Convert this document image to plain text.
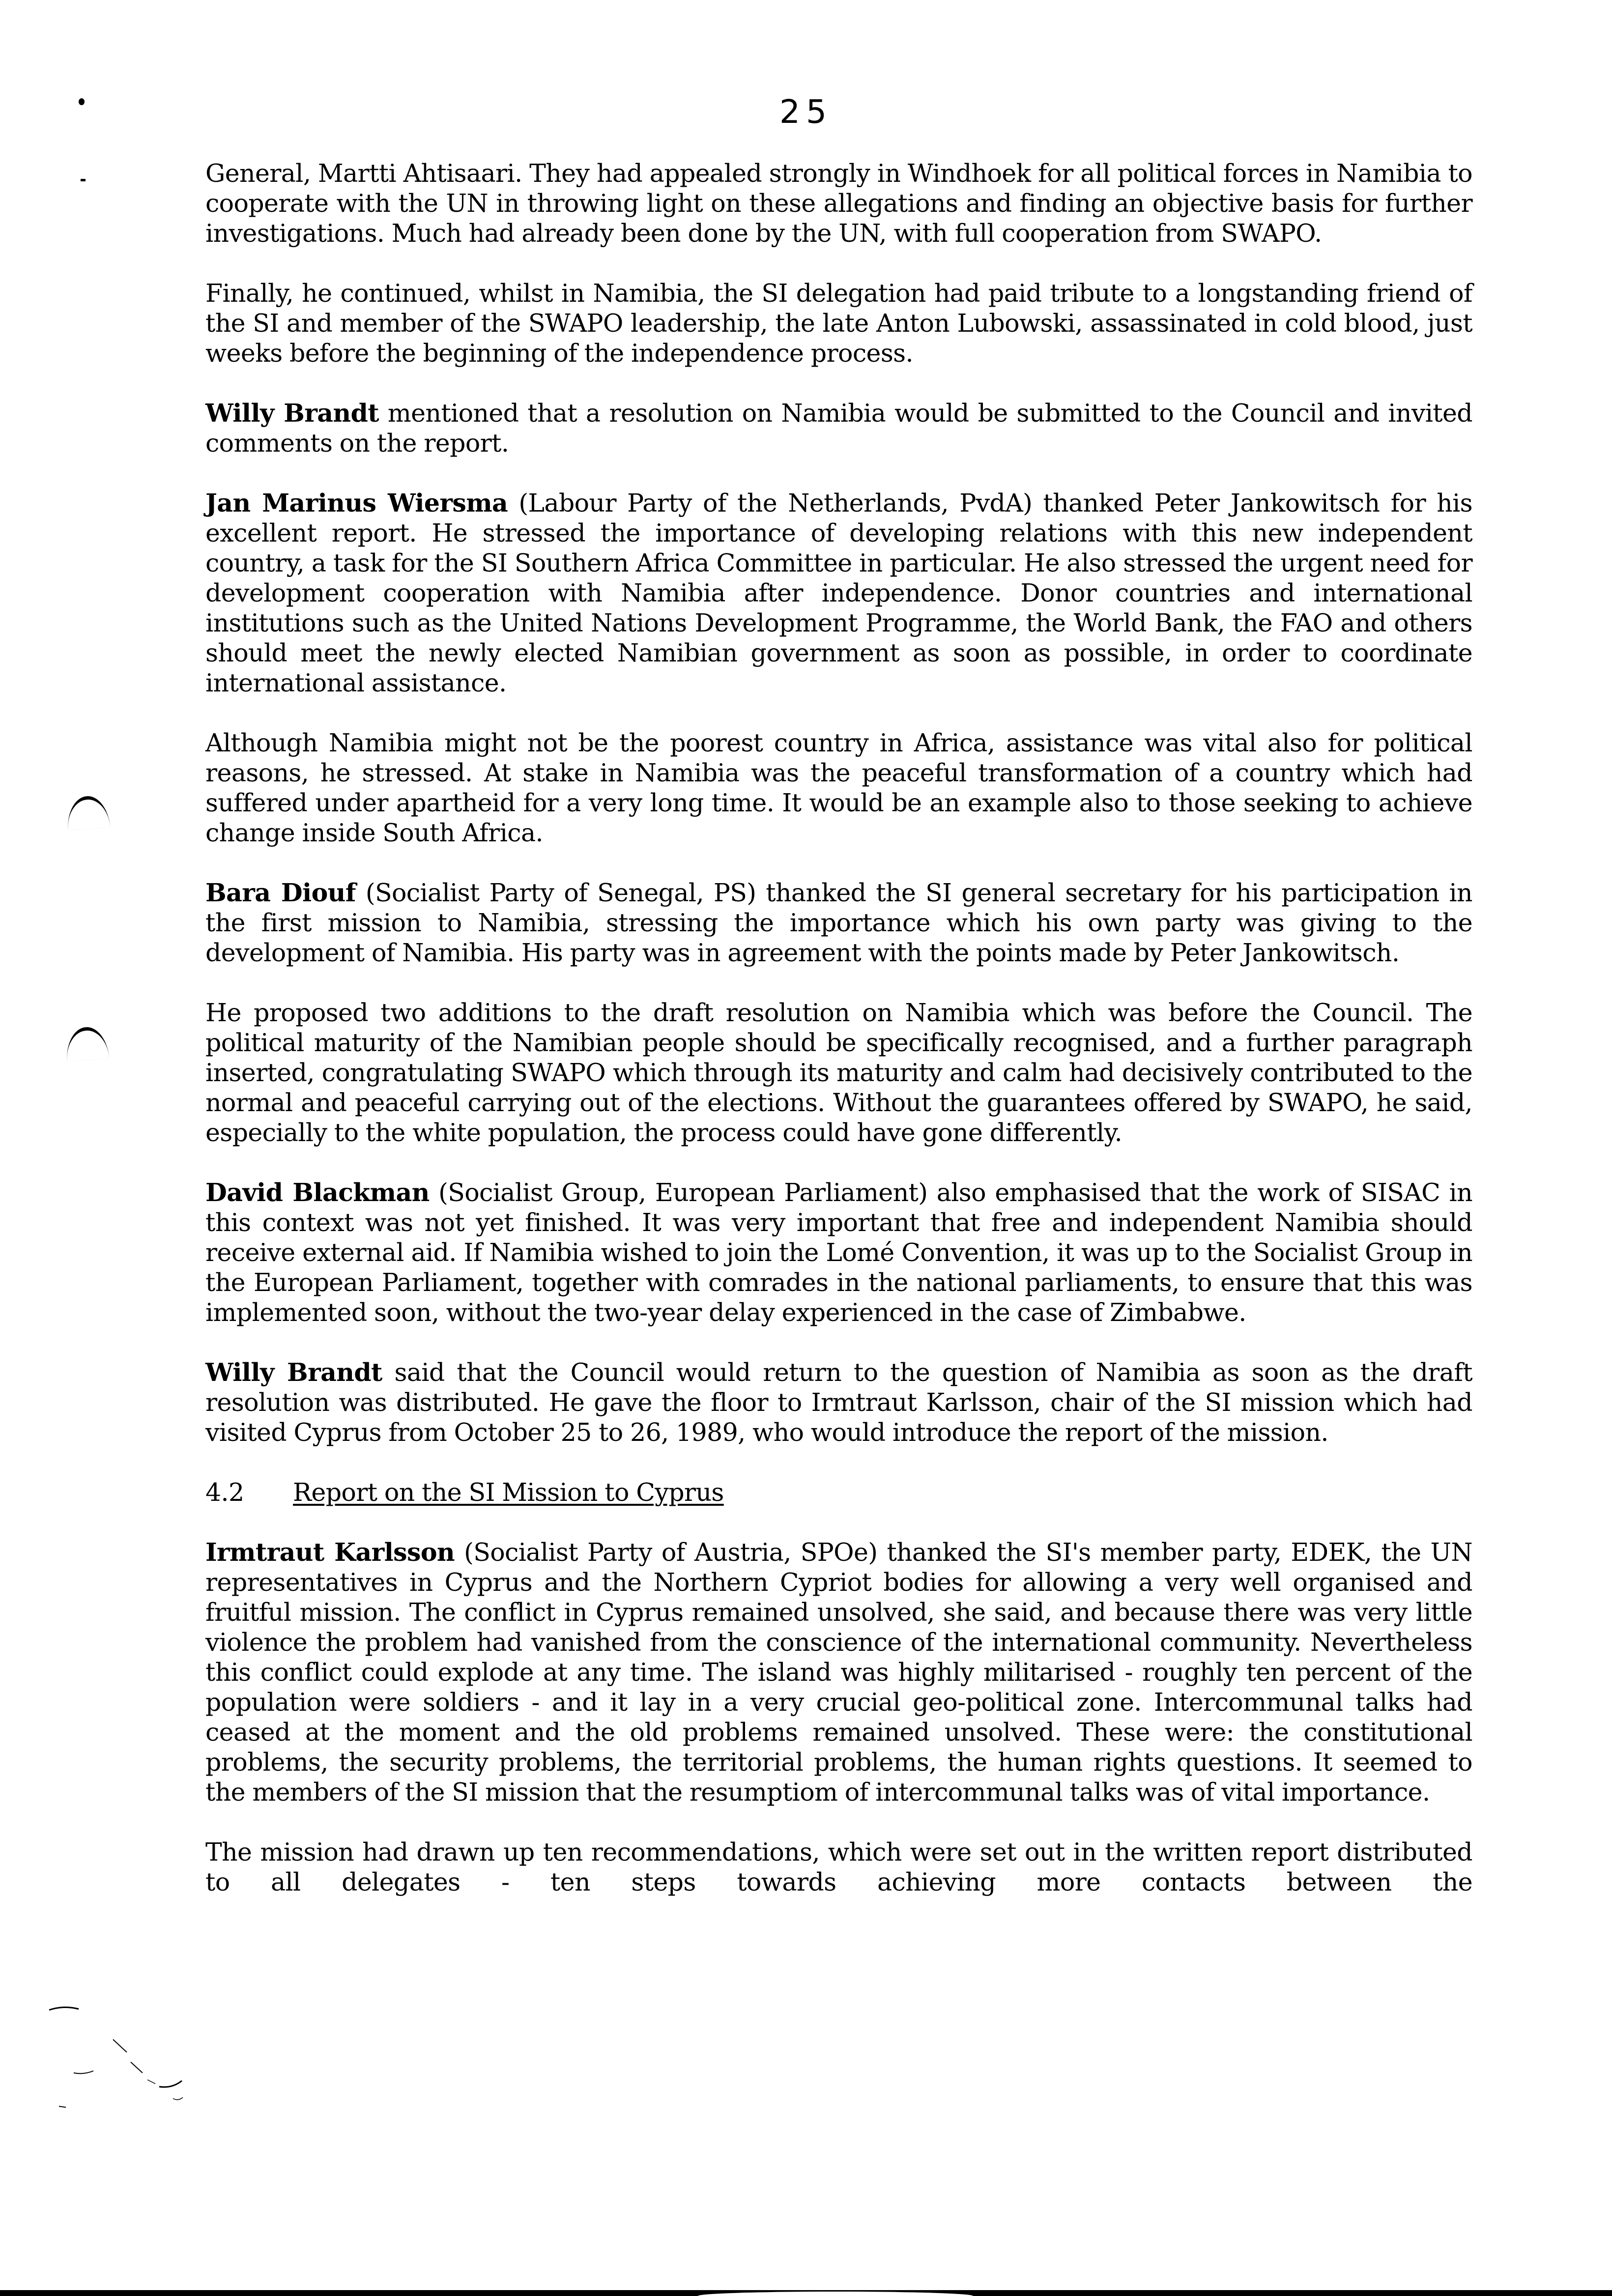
25

General, Martti Ahtisaari. They had appealed strongly in Windhoek for all political forces in Namibia to cooperate with the UN in throwing light on these allegations and finding an objective basis for further investigations. Much had already been done by the UN, with full cooperation from SWAPO.

Finally, he continued, whilst in Namibia, the SI delegation had paid tribute to a longstanding friend of the SI and member of the SWAPO leadership, the late Anton Lubowski, assassinated in cold blood, just weeks before the beginning of the independence process.

Willy Brandt mentioned that a resolution on Namibia would be submitted to the Council and invited comments on the report.

Jan Marinus Wiersma (Labour Party of the Netherlands, PvdA) thanked Peter Jankowitsch for his excellent report. He stressed the importance of developing relations with this new independent country, a task for the SI Southern Africa Committee in particular. He also stressed the urgent need for development cooperation with Namibia after independence. Donor countries and international institutions such as the United Nations Development Programme, the World Bank, the FAO and others should meet the newly elected Namibian government as soon as possible, in order to coordinate international assistance.

Although Namibia might not be the poorest country in Africa, assistance was vital also for political reasons, he stressed. At stake in Namibia was the peaceful transformation of a country which had suffered under apartheid for a very long time. It would be an example also to those seeking to achieve change inside South Africa.

Bara Diouf (Socialist Party of Senegal, PS) thanked the SI general secretary for his participation in the first mission to Namibia, stressing the importance which his own party was giving to the development of Namibia. His party was in agreement with the points made by Peter Jankowitsch.

He proposed two additions to the draft resolution on Namibia which was before the Council. The political maturity of the Namibian people should be specifically recognised, and a further paragraph inserted, congratulating SWAPO which through its maturity and calm had decisively contributed to the normal and peaceful carrying out of the elections. Without the guarantees offered by SWAPO, he said, especially to the white population, the process could have gone differently.

David Blackman (Socialist Group, European Parliament) also emphasised that the work of SISAC in this context was not yet finished. It was very important that free and independent Namibia should receive external aid. If Namibia wished to join the Lomé Convention, it was up to the Socialist Group in the European Parliament, together with comrades in the national parliaments, to ensure that this was implemented soon, without the two-year delay experienced in the case of Zimbabwe.

Willy Brandt said that the Council would return to the question of Namibia as soon as the draft resolution was distributed. He gave the floor to Irmtraut Karlsson, chair of the SI mission which had visited Cyprus from October 25 to 26, 1989, who would introduce the report of the mission.

4.2	Report on the SI Mission to Cyprus

Irmtraut Karlsson (Socialist Party of Austria, SPOe) thanked the SI's member party, EDEK, the UN representatives in Cyprus and the Northern Cypriot bodies for allowing a very well organised and fruitful mission. The conflict in Cyprus remained unsolved, she said, and because there was very little violence the problem had vanished from the conscience of the international community. Nevertheless this conflict could explode at any time. The island was highly militarised - roughly ten percent of the population were soldiers - and it lay in a very crucial geo-political zone. Intercommunal talks had ceased at the moment and the old problems remained unsolved. These were: the constitutional problems, the security problems, the territorial problems, the human rights questions. It seemed to the members of the SI mission that the resumptiom of intercommunal talks was of vital importance.

The mission had drawn up ten recommendations, which were set out in the written report distributed to all delegates - ten steps towards achieving more contacts between the
